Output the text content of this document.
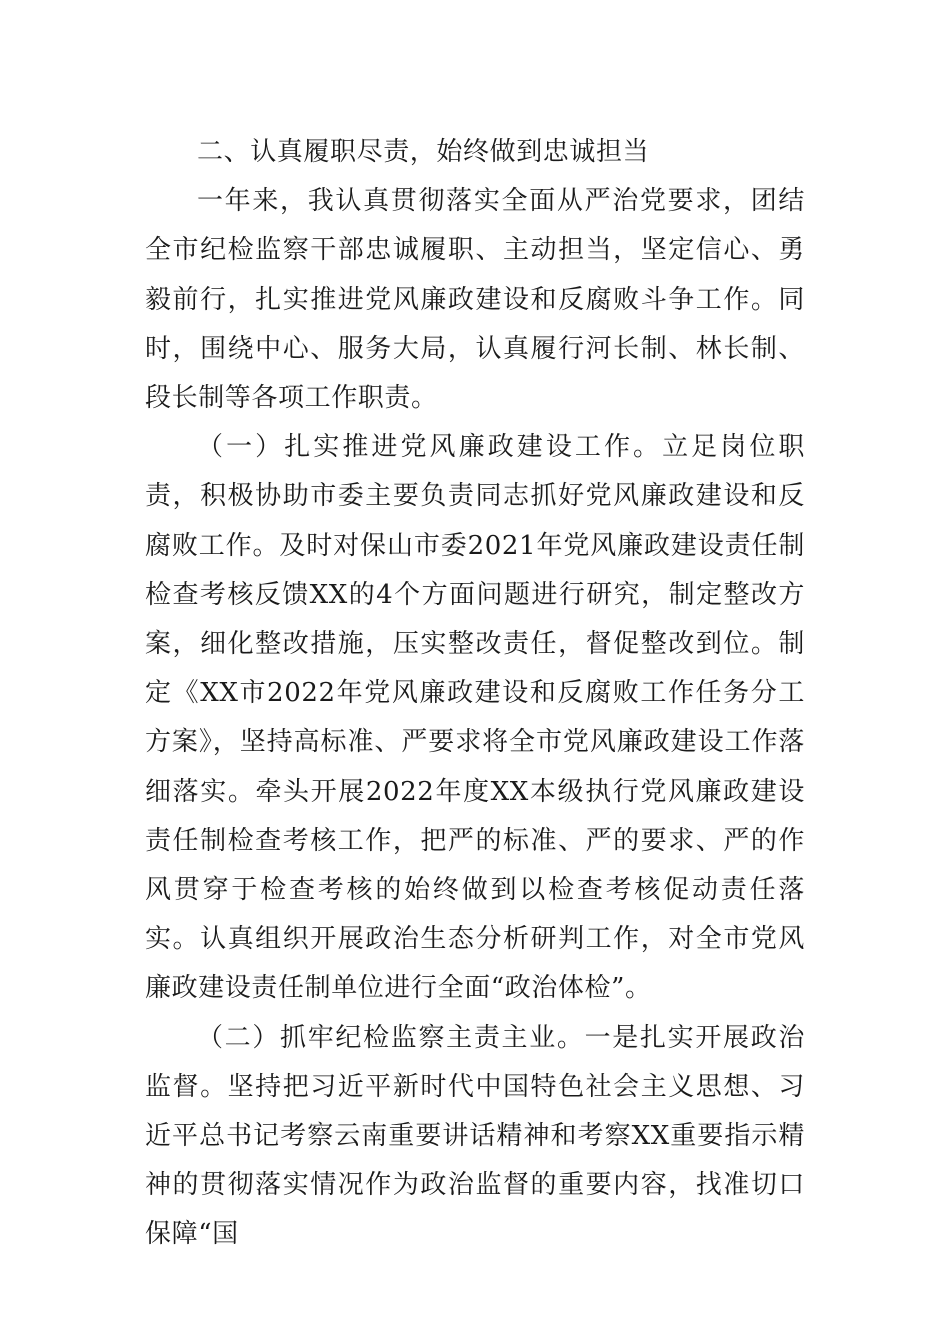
二、认真履职尽责，始终做到忠诚担当

一年来，我认真贯彻落实全面从严治党要求，团结全市纪检监察干部忠诚履职、主动担当，坚定信心、勇毅前行，扎实推进党风廉政建设和反腐败斗争工作。同时，围绕中心、服务大局，认真履行河长制、林长制、段长制等各项工作职责。

（一）扎实推进党风廉政建设工作。立足岗位职责，积极协助市委主要负责同志抓好党风廉政建设和反腐败工作。及时对保山市委2021年党风廉政建设责任制检查考核反馈XX的4个方面问题进行研究，制定整改方案，细化整改措施，压实整改责任，督促整改到位。制定《XX市2022年党风廉政建设和反腐败工作任务分工方案》，坚持高标准、严要求将全市党风廉政建设工作落细落实。牵头开展2022年度XX本级执行党风廉政建设责任制检查考核工作，把严的标准、严的要求、严的作风贯穿于检查考核的始终做到以检查考核促动责任落实。认真组织开展政治生态分析研判工作，对全市党风廉政建设责任制单位进行全面“政治体检”。

（二）抓牢纪检监察主责主业。一是扎实开展政治监督。坚持把习近平新时代中国特色社会主义思想、习近平总书记考察云南重要讲话精神和考察XX重要指示精神的贯彻落实情况作为政治监督的重要内容，找准切口保障“国
